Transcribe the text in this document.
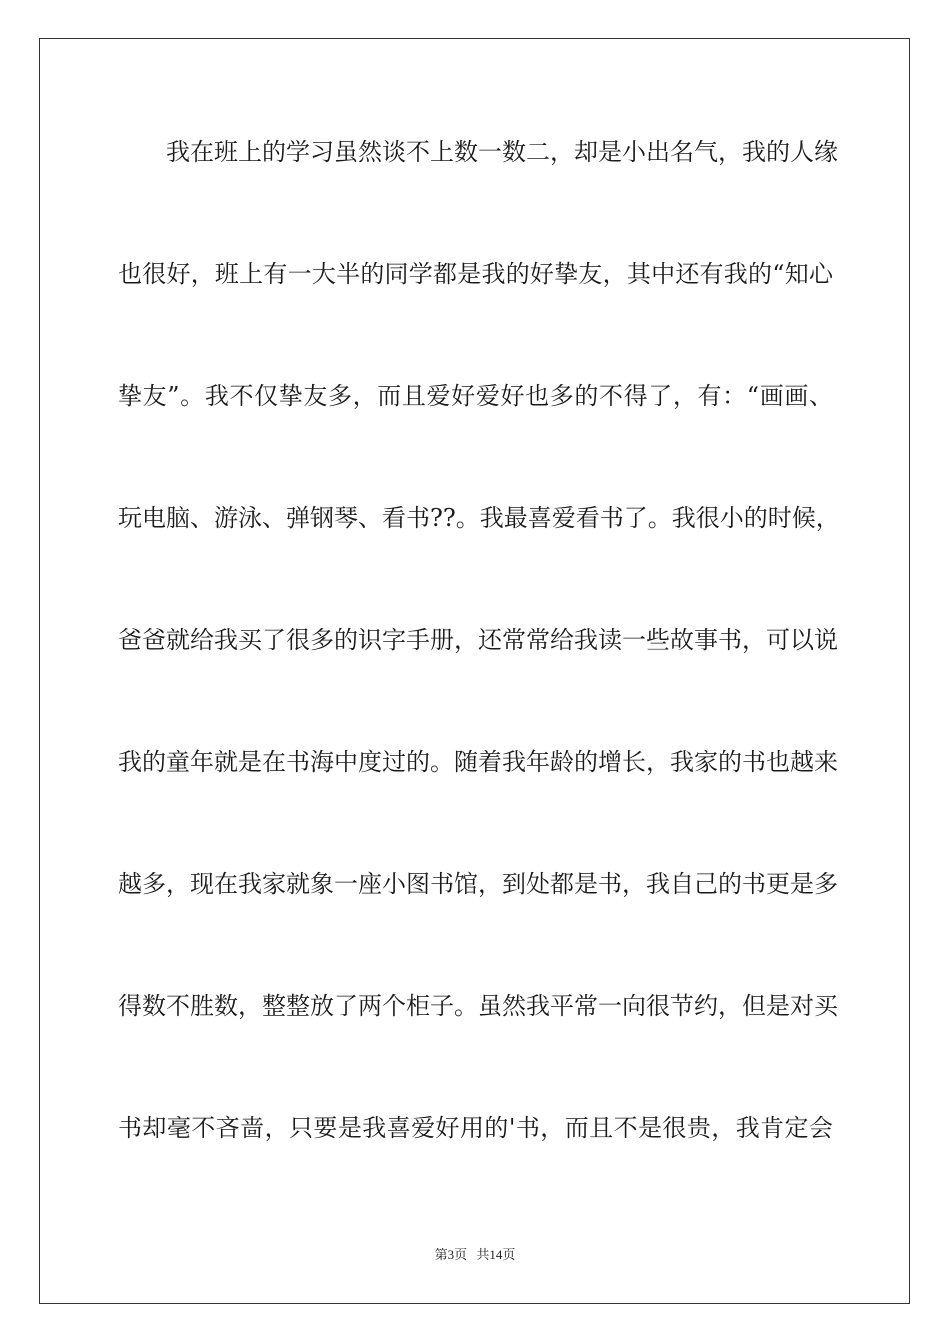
我在班上的学习虽然谈不上数一数二，却是小出名气，我的人缘
也很好，班上有一大半的同学都是我的好挚友，其中还有我的“知心
挚友”。我不仅挚友多，而且爱好爱好也多的不得了，有：“画画、
玩电脑、游泳、弹钢琴、看书??。我最喜爱看书了。我很小的时候，
爸爸就给我买了很多的识字手册，还常常给我读一些故事书，可以说
我的童年就是在书海中度过的。随着我年龄的增长，我家的书也越来
越多，现在我家就象一座小图书馆，到处都是书，我自己的书更是多
得数不胜数，整整放了两个柜子。虽然我平常一向很节约，但是对买
书却毫不吝啬，只要是我喜爱好用的'书，而且不是很贵，我肯定会
第3页 共14页
